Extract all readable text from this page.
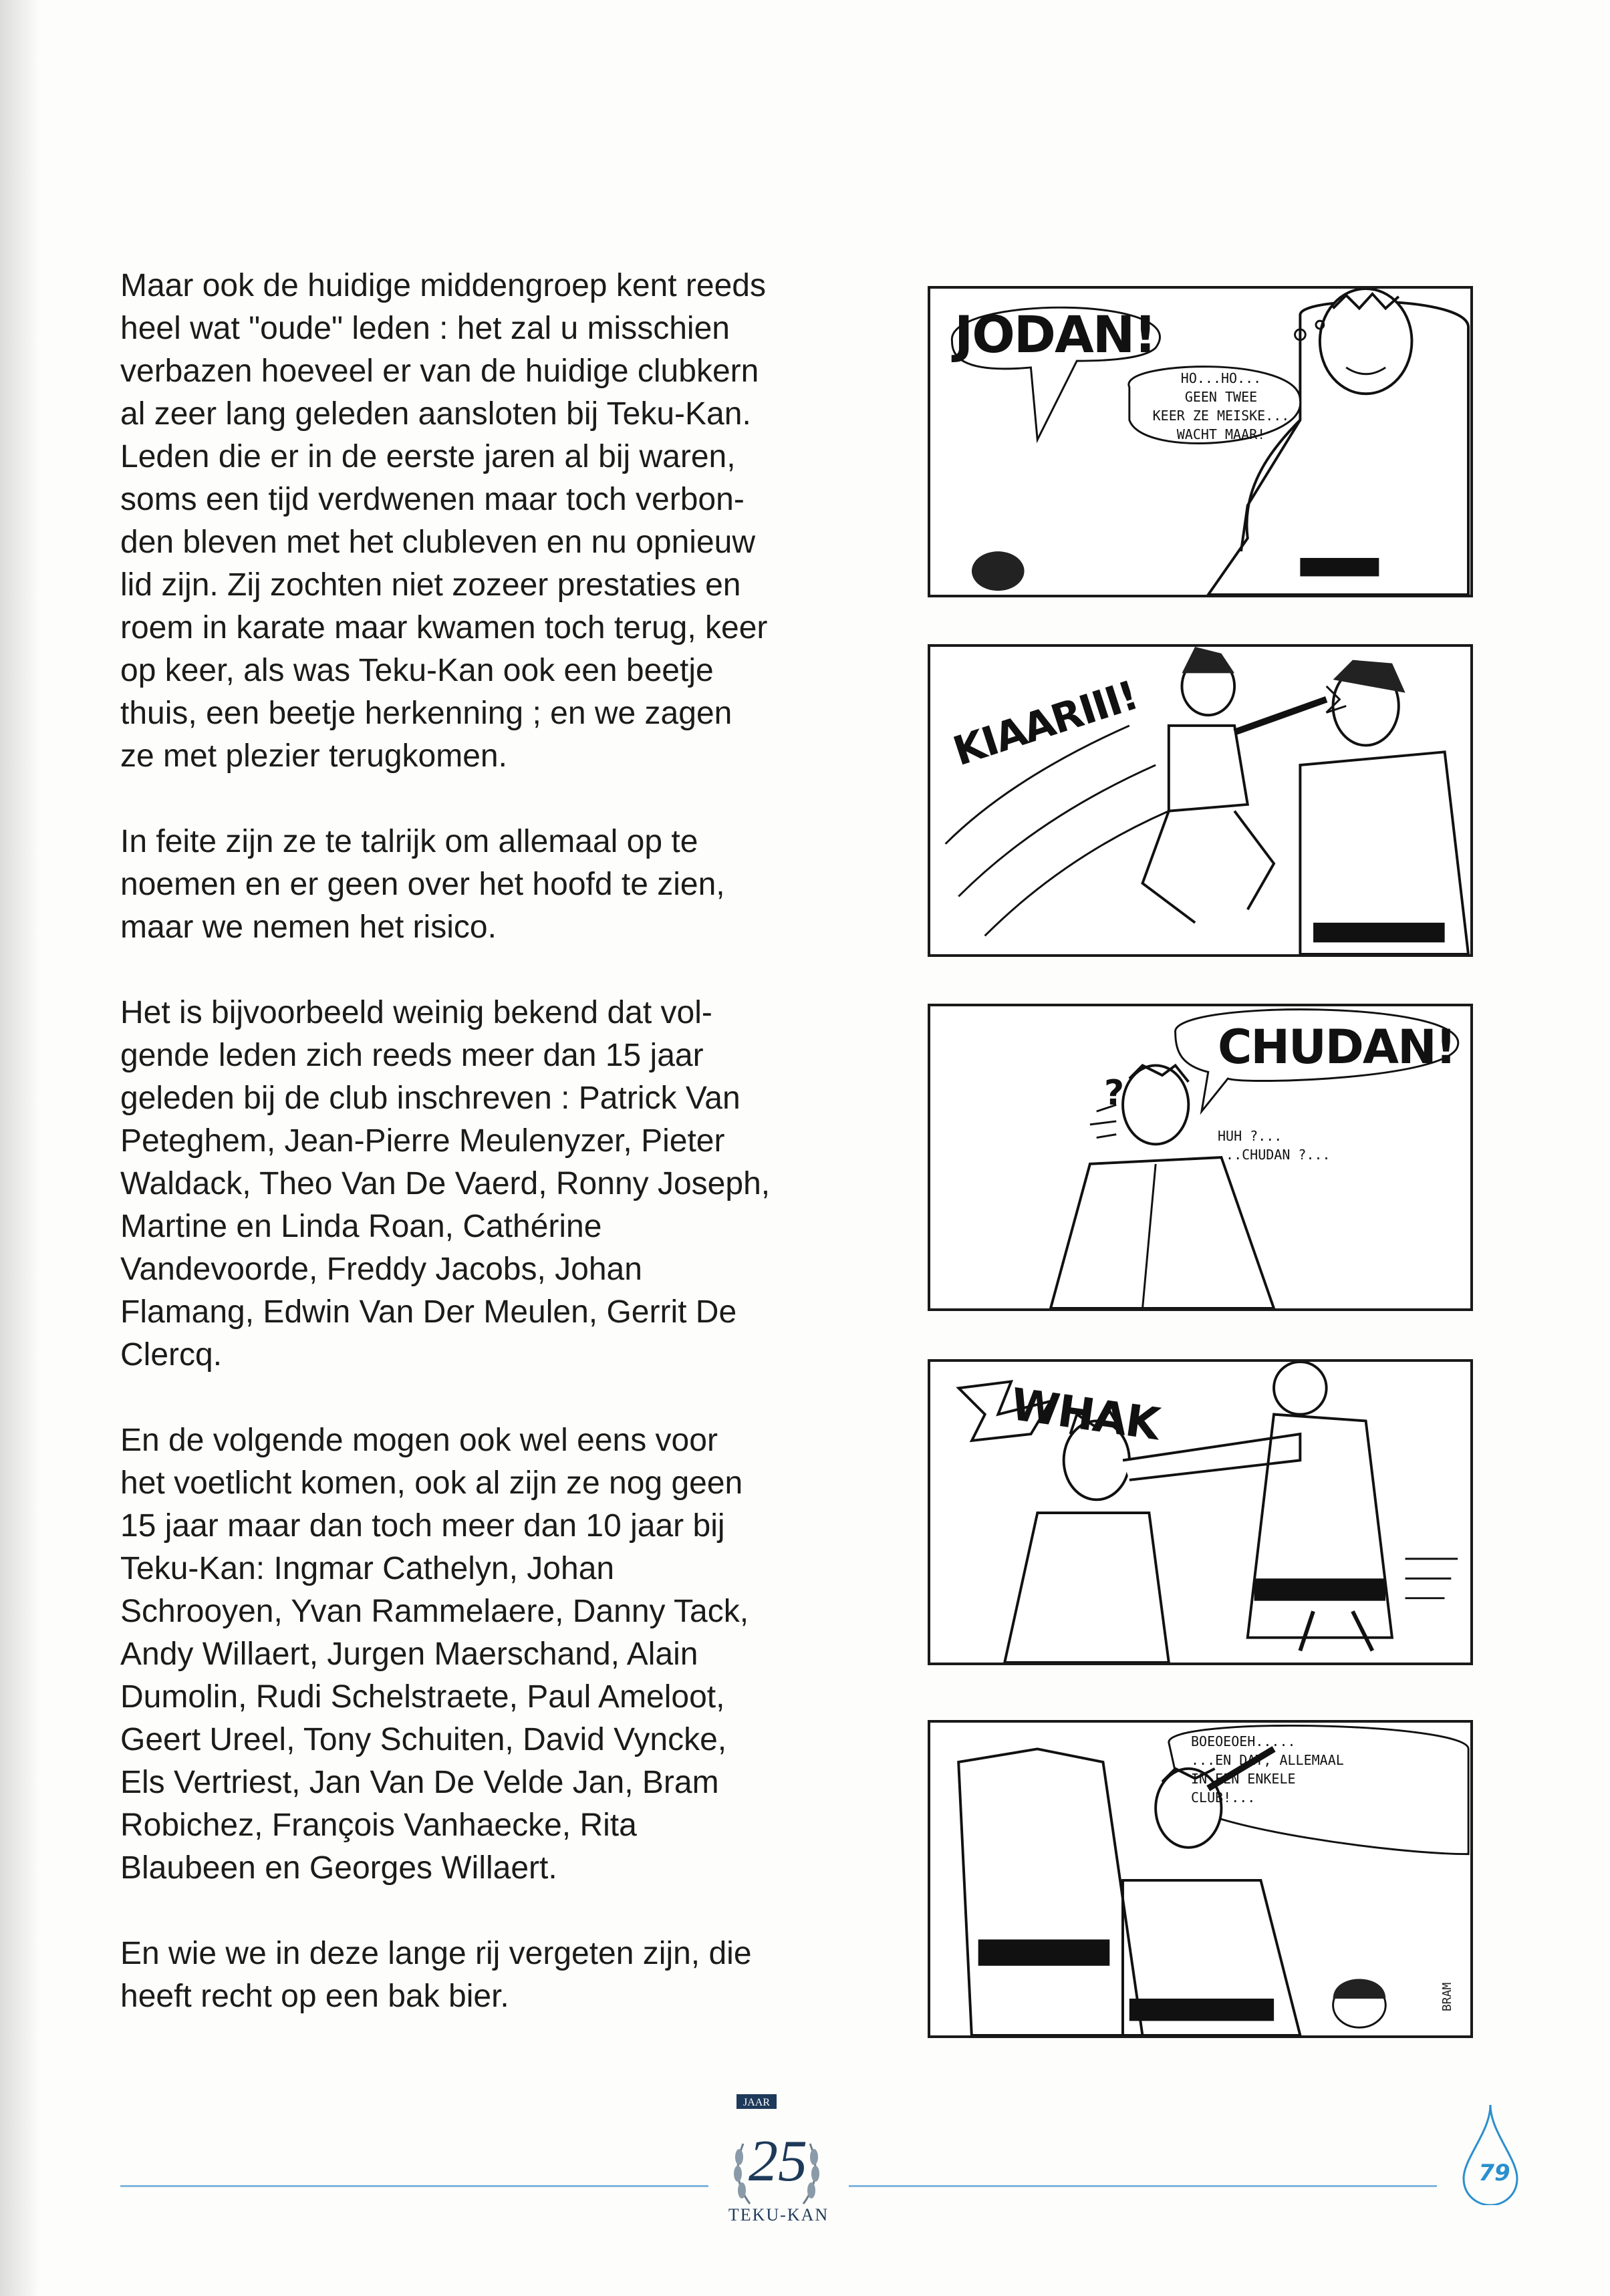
Maar ook de huidige middengroep kent reeds
heel wat "oude" leden : het zal u misschien
verbazen hoeveel er van de huidige clubkern
al zeer lang geleden aansloten bij Teku-Kan.
Leden die er in de eerste jaren al bij waren,
soms een tijd verdwenen maar toch verbon-
den bleven met het clubleven en nu opnieuw
lid zijn. Zij zochten niet zozeer prestaties en
roem in karate maar kwamen toch terug, keer
op keer, als was Teku-Kan ook een beetje
thuis, een beetje herkenning ; en we zagen
ze met plezier terugkomen.

In feite zijn ze te talrijk om allemaal op te
noemen en er geen over het hoofd te zien,
maar we nemen het risico.

Het is bijvoorbeeld weinig bekend dat vol-
gende leden zich reeds meer dan 15 jaar
geleden bij de club inschreven : Patrick Van
Peteghem, Jean-Pierre Meulenyzer, Pieter
Waldack, Theo Van De Vaerd, Ronny Joseph,
Martine en Linda Roan, Cathérine
Vandevoorde, Freddy Jacobs, Johan
Flamang, Edwin Van Der Meulen, Gerrit De
Clercq.

En de volgende mogen ook wel eens voor
het voetlicht komen, ook al zijn ze nog geen
15 jaar maar dan toch meer dan 10 jaar bij
Teku-Kan: Ingmar Cathelyn, Johan
Schrooyen, Yvan Rammelaere, Danny Tack,
Andy Willaert, Jurgen Maerschand, Alain
Dumolin, Rudi Schelstraete, Paul Ameloot,
Geert Ureel, Tony Schuiten, David Vyncke,
Els Vertriest, Jan Van De Velde Jan, Bram
Robichez, François Vanhaecke, Rita
Blaubeen en Georges Willaert.

En wie we in deze lange rij vergeten zijn, die
heeft recht op een bak bier.

JODAN!
HO...HO...
GEEN TWEE
KEER ZE MEISKE...
WACHT MAAR!
KIAARIII!
CHUDAN!
?
HUH ?...
...CHUDAN ?...
WHAK
BOEOEOEH.....
...EN DAT, ALLEMAAL
IN EEN ENKELE
CLUB!...
BRAM
JAAR
25
TEKU-KAN
79
